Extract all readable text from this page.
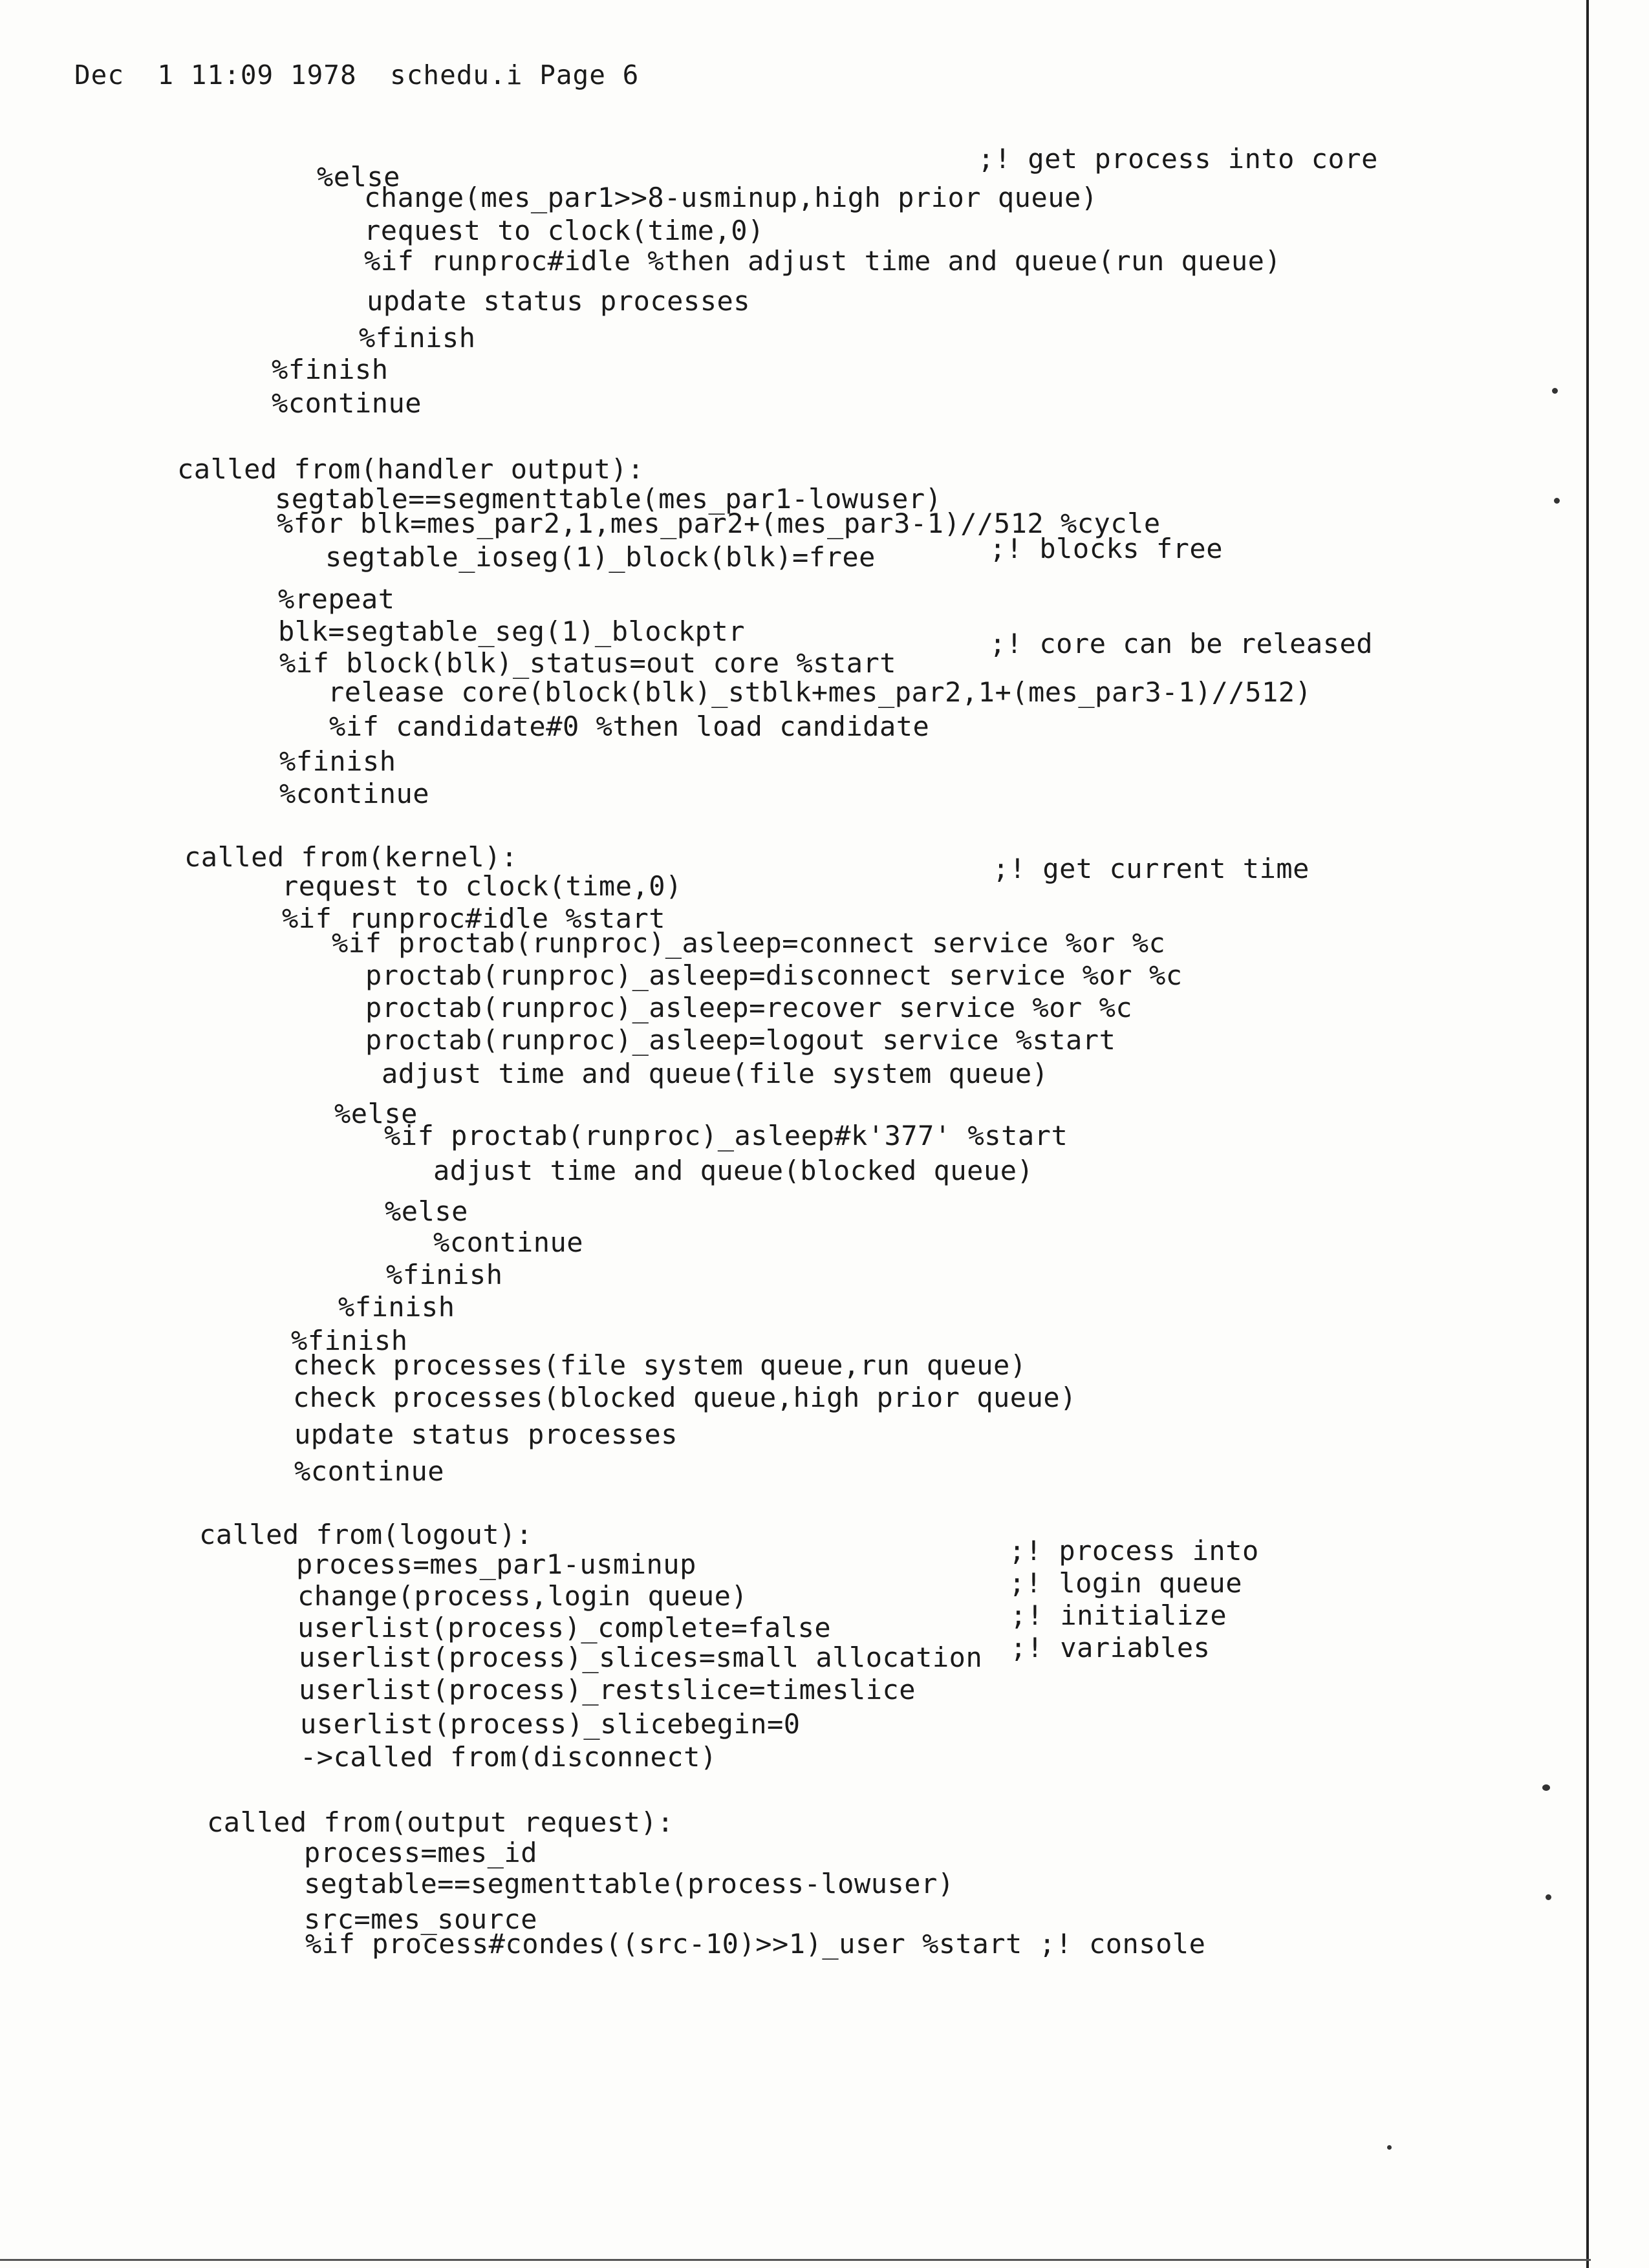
Dec  1 11:09 1978
schedu.i
Page 6
%else
change(mes_par1>>8-usminup,high prior queue)
request to clock(time,0)
%if runproc#idle %then adjust time and queue(run queue)
update status processes
%finish
%finish
%continue
called from(handler output):
segtable==segmenttable(mes_par1-lowuser)
%for blk=mes_par2,1,mes_par2+(mes_par3-1)//512 %cycle
segtable_ioseg(1)_block(blk)=free
%repeat
blk=segtable_seg(1)_blockptr
%if block(blk)_status=out core %start
release core(block(blk)_stblk+mes_par2,1+(mes_par3-1)//512)
%if candidate#0 %then load candidate
%finish
%continue
called from(kernel):
request to clock(time,0)
%if runproc#idle %start
%if proctab(runproc)_asleep=connect service %or %c
proctab(runproc)_asleep=disconnect service %or %c
proctab(runproc)_asleep=recover service %or %c
proctab(runproc)_asleep=logout service %start
adjust time and queue(file system queue)
%else
%if proctab(runproc)_asleep#k'377' %start
adjust time and queue(blocked queue)
%else
%continue
%finish
%finish
%finish
check processes(file system queue,run queue)
check processes(blocked queue,high prior queue)
update status processes
%continue
called from(logout):
process=mes_par1-usminup
change(process,login queue)
userlist(process)_complete=false
userlist(process)_slices=small allocation
userlist(process)_restslice=timeslice
userlist(process)_slicebegin=0
->called from(disconnect)
called from(output request):
process=mes_id
segtable==segmenttable(process-lowuser)
src=mes_source
%if process#condes((src-10)>>1)_user %start ;! console
;! get process into core
;! blocks free
;! core can be released
;! get current time
;! process into
;! login queue
;! initialize
;! variables
